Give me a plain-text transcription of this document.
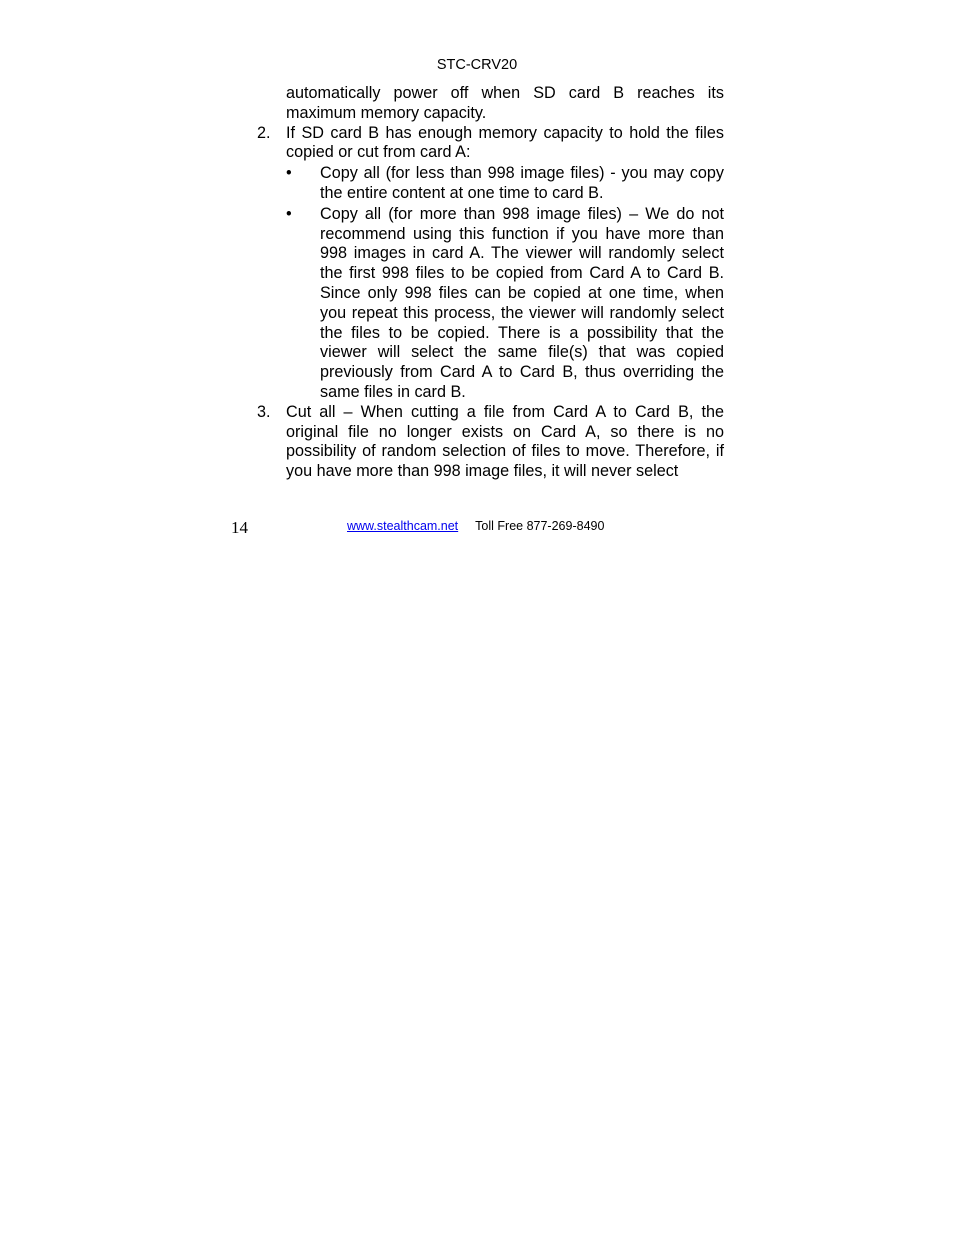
STC-CRV20

automatically power off when SD card B reaches its maximum memory capacity.

2. If SD card B has enough memory capacity to hold the files copied or cut from card A:
•	Copy all (for less than 998 image files) - you may copy the entire content at one time to card B.
•	Copy all (for more than 998 image files) – We do not recommend using this function if you have more than 998 images in card A. The viewer will randomly select the first 998 files to be copied from Card A to Card B. Since only 998 files can be copied at one time, when you repeat this process, the viewer will randomly select the files to be copied. There is a possibility that the viewer will select the same file(s) that was copied previously from Card A to Card B, thus overriding the same files in card B.
3. Cut all – When cutting a file from Card A to Card B, the original file no longer exists on Card A, so there is no possibility of random selection of files to move. Therefore, if you have more than 998 image files, it will never select
14	www.stealthcam.net Toll Free 877-269-8490
